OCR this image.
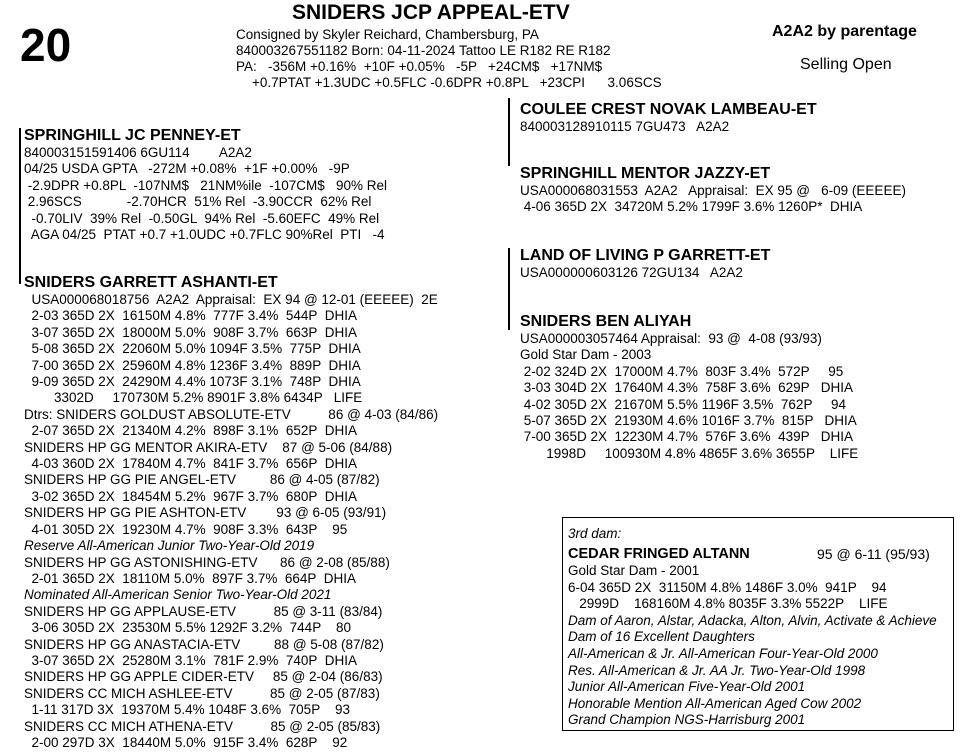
20
SNIDERS JCP APPEAL-ETV
Consigned by Skyler Reichard, Chambersburg, PA
840003267551182 Born: 04-11-2024 Tattoo LE R182 RE R182
PA:   -356M +0.16%  +10F +0.05%   -5P   +24CM$   +17NM$
+0.7PTAT +1.3UDC +0.5FLC -0.6DPR +0.8PL   +23CPI      3.06SCS
A2A2 by parentage
Selling Open
SPRINGHILL JC PENNEY-ET
840003151591406 6GU114        A2A2
04/25 USDA GPTA   -272M +0.08%  +1F +0.00%   -9P
-2.9DPR +0.8PL  -107NM$   21NM%ile  -107CM$   90% Rel
2.96SCS            -2.70HCR  51% Rel  -3.90CCR  62% Rel
-0.70LIV  39% Rel  -0.50GL  94% Rel  -5.60EFC  49% Rel
AGA 04/25  PTAT +0.7 +1.0UDC +0.7FLC 90%Rel  PTI   -4
SNIDERS GARRETT ASHANTI-ET
USA000068018756  A2A2  Appraisal:  EX 94 @ 12-01 (EEEEE)  2E
2-03 365D 2X  16150M 4.8%  777F 3.4%  544P  DHIA
3-07 365D 2X  18000M 5.0%  908F 3.7%  663P  DHIA
5-08 365D 2X  22060M 5.0% 1094F 3.5%  775P  DHIA
7-00 365D 2X  25960M 4.8% 1236F 3.4%  889P  DHIA
9-09 365D 2X  24290M 4.4% 1073F 3.1%  748P  DHIA
3302D     170730M 5.2% 8901F 3.8% 6434P   LIFE
Dtrs: SNIDERS GOLDUST ABSOLUTE-ETV          86 @ 4-03 (84/86)
2-07 365D 2X  21340M 4.2%  898F 3.1%  652P  DHIA
SNIDERS HP GG MENTOR AKIRA-ETV    87 @ 5-06 (84/88)
4-03 360D 2X  17840M 4.7%  841F 3.7%  656P  DHIA
SNIDERS HP GG PIE ANGEL-ETV         86 @ 4-05 (87/82)
3-02 365D 2X  18454M 5.2%  967F 3.7%  680P  DHIA
SNIDERS HP GG PIE ASHTON-ETV        93 @ 6-05 (93/91)
4-01 305D 2X  19230M 4.7%  908F 3.3%  643P    95
Reserve All-American Junior Two-Year-Old 2019
SNIDERS HP GG ASTONISHING-ETV      86 @ 2-08 (85/88)
2-01 365D 2X  18110M 5.0%  897F 3.7%  664P  DHIA
Nominated All-American Senior Two-Year-Old 2021
SNIDERS HP GG APPLAUSE-ETV          85 @ 3-11 (83/84)
3-06 305D 2X  23530M 5.5% 1292F 3.2%  744P    80
SNIDERS HP GG ANASTACIA-ETV         88 @ 5-08 (87/82)
3-07 365D 2X  25280M 3.1%  781F 2.9%  740P  DHIA
SNIDERS HP GG APPLE CIDER-ETV     85 @ 2-04 (86/83)
SNIDERS CC MICH ASHLEE-ETV          85 @ 2-05 (87/83)
1-11 317D 3X  19370M 5.4% 1048F 3.6%  705P    93
SNIDERS CC MICH ATHENA-ETV          85 @ 2-05 (85/83)
2-00 297D 3X  18440M 5.0%  915F 3.4%  628P    92
COULEE CREST NOVAK LAMBEAU-ET
840003128910115 7GU473   A2A2
SPRINGHILL MENTOR JAZZY-ET
USA000068031553  A2A2   Appraisal:  EX 95 @   6-09 (EEEEE)
4-06 365D 2X  34720M 5.2% 1799F 3.6% 1260P*  DHIA
LAND OF LIVING P GARRETT-ET
USA000000603126 72GU134   A2A2
SNIDERS BEN ALIYAH
USA000003057464 Appraisal:  93 @  4-08 (93/93)
Gold Star Dam - 2003
2-02 324D 2X  17000M 4.7%  803F 3.4%  572P     95
3-03 304D 2X  17640M 4.3%  758F 3.6%  629P   DHIA
4-02 305D 2X  21670M 5.5% 1196F 3.5%  762P     94
5-07 365D 2X  21930M 4.6% 1016F 3.7%  815P   DHIA
7-00 365D 2X  12230M 4.7%  576F 3.6%  439P   DHIA
1998D     100930M 4.8% 4865F 3.6% 3655P    LIFE
3rd dam:
CEDAR FRINGED ALTANN	95 @ 6-11 (95/93)
Gold Star Dam - 2001
6-04 365D 2X  31150M 4.8% 1486F 3.0%  941P    94
2999D    168160M 4.8% 8035F 3.3% 5522P    LIFE
Dam of Aaron, Alstar, Adacka, Alton, Alvin, Activate & Achieve
Dam of 16 Excellent Daughters
All-American & Jr. All-American Four-Year-Old 2000
Res. All-American & Jr. AA Jr. Two-Year-Old 1998
Junior All-American Five-Year-Old 2001
Honorable Mention All-American Aged Cow 2002
Grand Champion NGS-Harrisburg 2001
